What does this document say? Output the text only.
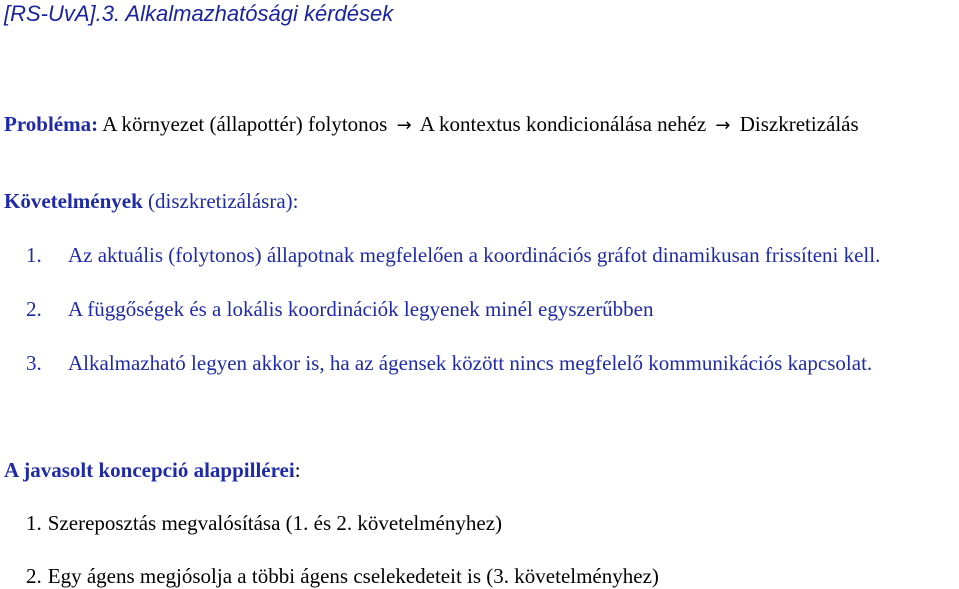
[RS-UvA].3. Alkalmazhatósági kérdések
Probléma: A környezet (állapottér) folytonos → A kontextus kondicionálása nehéz → Diszkretizálás
Követelmények (diszkretizálásra):
1. Az aktuális (folytonos) állapotnak megfelelően a koordinációs gráfot dinamikusan frissíteni kell.
2. A függőségek és a lokális koordinációk legyenek minél egyszerűbben
3. Alkalmazható legyen akkor is, ha az ágensek között nincs megfelelő kommunikációs kapcsolat.
A javasolt koncepció alappillérei:
1. Szereposztás megvalósítása (1. és 2. követelményhez)
2. Egy ágens megjósolja a többi ágens cselekedeteit is (3. követelményhez)
